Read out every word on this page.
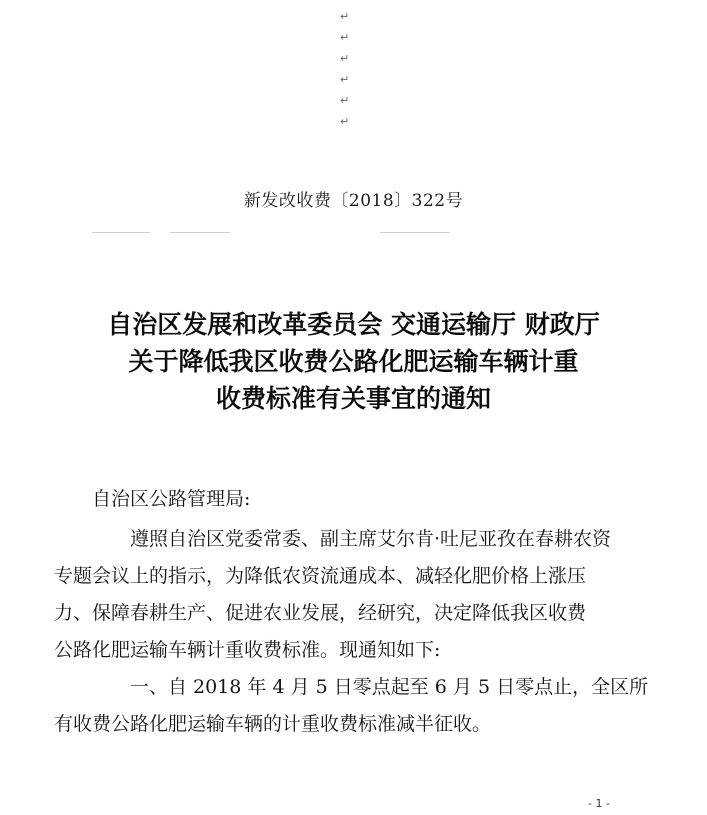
↵
↵
↵
↵
↵
↵
新发改收费〔2018〕322号
自治区发展和改革委员会 交通运输厅 财政厅
关于降低我区收费公路化肥运输车辆计重
收费标准有关事宜的通知
自治区公路管理局:

遵照自治区党委常委、副主席艾尔肯·吐尼亚孜在春耕农资
专题会议上的指示，为降低农资流通成本、减轻化肥价格上涨压
力、保障春耕生产、促进农业发展，经研究，决定降低我区收费
公路化肥运输车辆计重收费标准。现通知如下:

一、自 2018 年 4 月 5 日零点起至 6 月 5 日零点止，全区所
有收费公路化肥运输车辆的计重收费标准减半征收。

- 1 -
